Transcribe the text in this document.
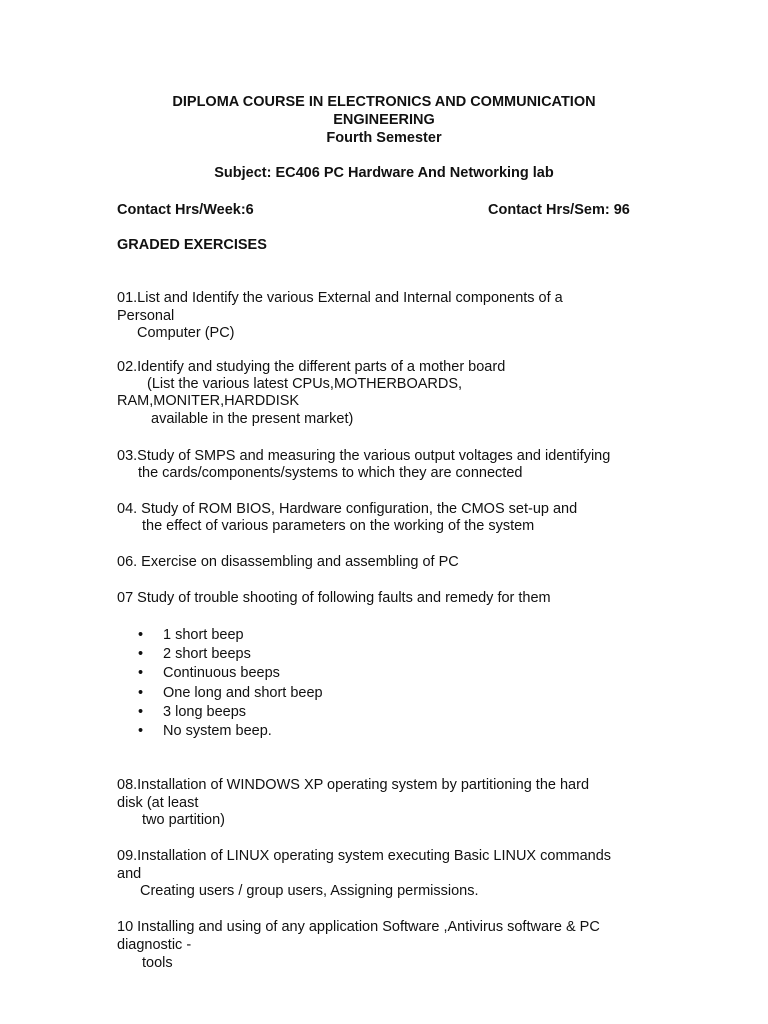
DIPLOMA COURSE IN ELECTRONICS AND COMMUNICATION
ENGINEERING
Fourth Semester
Subject: EC406 PC Hardware And Networking lab
Contact Hrs/Week:6	Contact Hrs/Sem: 96
GRADED EXERCISES
01.List and Identify the various External and Internal components of a
Personal
Computer (PC)
02.Identify and studying the different parts of a mother board
(List the various latest CPUs,MOTHERBOARDS,
RAM,MONITER,HARDDISK
available in the present market)
03.Study of SMPS and measuring the various output voltages and identifying
the cards/components/systems to which they are connected
04. Study of ROM BIOS, Hardware configuration, the CMOS set-up and
the effect of various parameters on the working of the system
06. Exercise on disassembling and assembling of PC
07 Study of trouble shooting of following faults and remedy for them
• 1 short beep
• 2 short beeps
• Continuous beeps
• One long and short beep
• 3 long beeps
• No system beep.
08.Installation of WINDOWS XP operating system by partitioning the hard
disk (at least
two partition)
09.Installation of LINUX operating system executing Basic LINUX commands
and
Creating users / group users, Assigning permissions.
10 Installing and using of any application Software ,Antivirus software & PC
diagnostic -
tools
